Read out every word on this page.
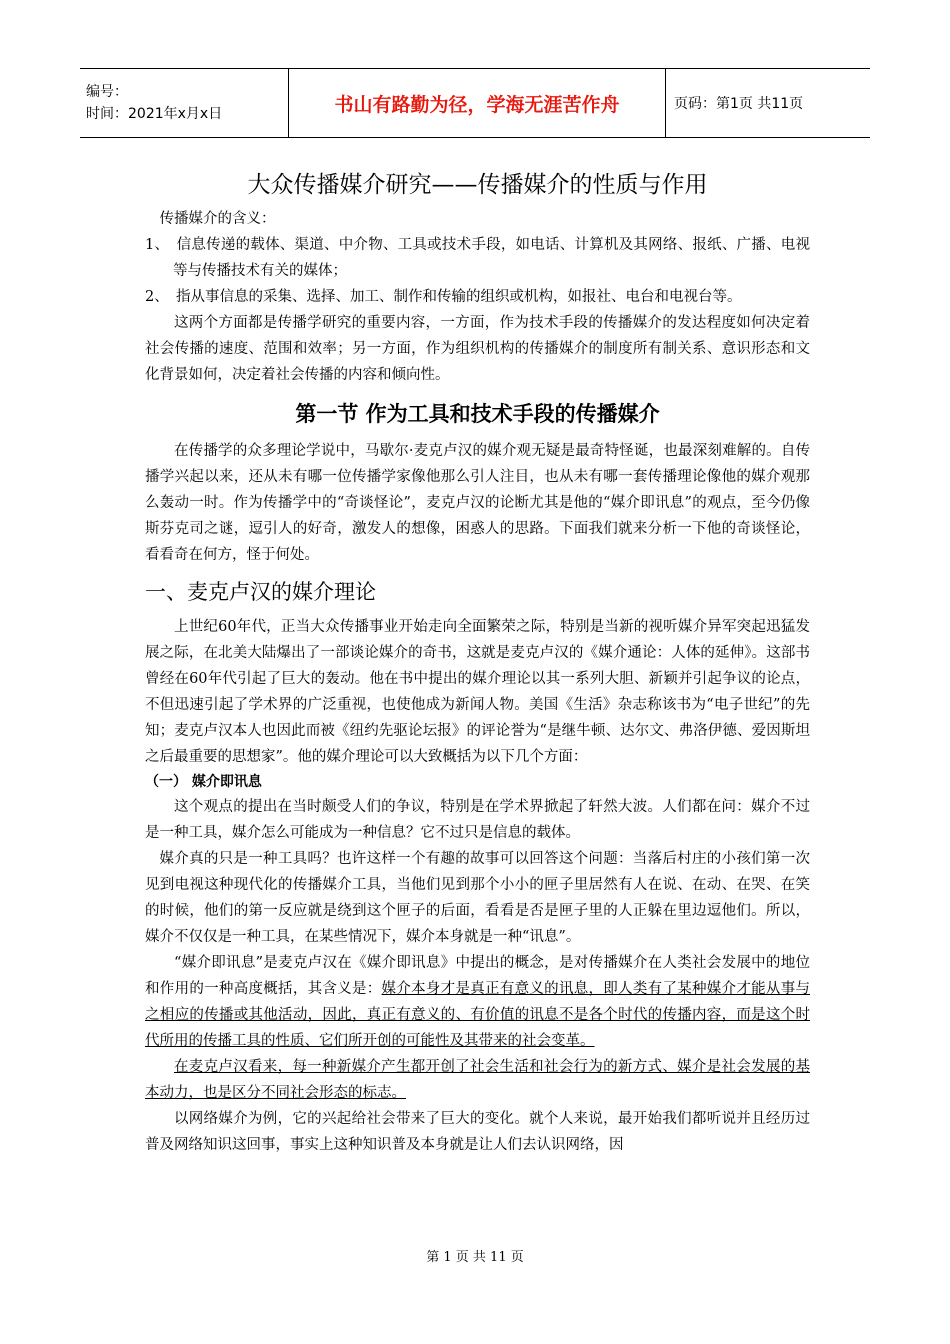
编号：
时间：2021年x月x日	书山有路勤为径，学海无涯苦作舟	页码：第1页 共11页
大众传播媒介研究——传播媒介的性质与作用

传播媒介的含义：

1、　信息传递的载体、渠道、中介物、工具或技术手段，如电话、计算机及其网络、报纸、广播、电视等与传播技术有关的媒体；

2、　指从事信息的采集、选择、加工、制作和传输的组织或机构，如报社、电台和电视台等。

这两个方面都是传播学研究的重要内容，一方面，作为技术手段的传播媒介的发达程度如何决定着社会传播的速度、范围和效率；另一方面，作为组织机构的传播媒介的制度所有制关系、意识形态和文化背景如何，决定着社会传播的内容和倾向性。

第一节 作为工具和技术手段的传播媒介

在传播学的众多理论学说中，马歇尔·麦克卢汉的媒介观无疑是最奇特怪诞，也最深刻难解的。自传播学兴起以来，还从未有哪一位传播学家像他那么引人注目，也从未有哪一套传播理论像他的媒介观那么轰动一时。作为传播学中的“奇谈怪论”，麦克卢汉的论断尤其是他的“媒介即讯息”的观点，至今仍像斯芬克司之谜，逗引人的好奇，激发人的想像，困惑人的思路。下面我们就来分析一下他的奇谈怪论，看看奇在何方，怪于何处。

一、麦克卢汉的媒介理论

上世纪60年代，正当大众传播事业开始走向全面繁荣之际，特别是当新的视听媒介异军突起迅猛发展之际，在北美大陆爆出了一部谈论媒介的奇书，这就是麦克卢汉的《媒介通论：人体的延伸》。这部书曾经在60年代引起了巨大的轰动。他在书中提出的媒介理论以其一系列大胆、新颖并引起争议的论点，不但迅速引起了学术界的广泛重视，也使他成为新闻人物。美国《生活》杂志称该书为“电子世纪”的先知；麦克卢汉本人也因此而被《纽约先驱论坛报》的评论誉为“是继牛顿、达尔文、弗洛伊德、爱因斯坦之后最重要的思想家”。他的媒介理论可以大致概括为以下几个方面：

（一） 媒介即讯息

这个观点的提出在当时颇受人们的争议，特别是在学术界掀起了轩然大波。人们都在问：媒介不过是一种工具，媒介怎么可能成为一种信息？它不过只是信息的载体。

媒介真的只是一种工具吗？也许这样一个有趣的故事可以回答这个问题：当落后村庄的小孩们第一次见到电视这种现代化的传播媒介工具，当他们见到那个小小的匣子里居然有人在说、在动、在哭、在笑的时候，他们的第一反应就是绕到这个匣子的后面，看看是否是匣子里的人正躲在里边逗他们。所以，媒介不仅仅是一种工具，在某些情况下，媒介本身就是一种“讯息”。

“媒介即讯息”是麦克卢汉在《媒介即讯息》中提出的概念，是对传播媒介在人类社会发展中的地位和作用的一种高度概括，其含义是：媒介本身才是真正有意义的讯息，即人类有了某种媒介才能从事与之相应的传播或其他活动，因此，真正有意义的、有价值的讯息不是各个时代的传播内容，而是这个时代所用的传播工具的性质、它们所开创的可能性及其带来的社会变革。

在麦克卢汉看来，每一种新媒介产生都开创了社会生活和社会行为的新方式、媒介是社会发展的基本动力，也是区分不同社会形态的标志。

以网络媒介为例，它的兴起给社会带来了巨大的变化。就个人来说，最开始我们都听说并且经历过普及网络知识这回事，事实上这种知识普及本身就是让人们去认识网络，因

第 1 页 共 11 页
